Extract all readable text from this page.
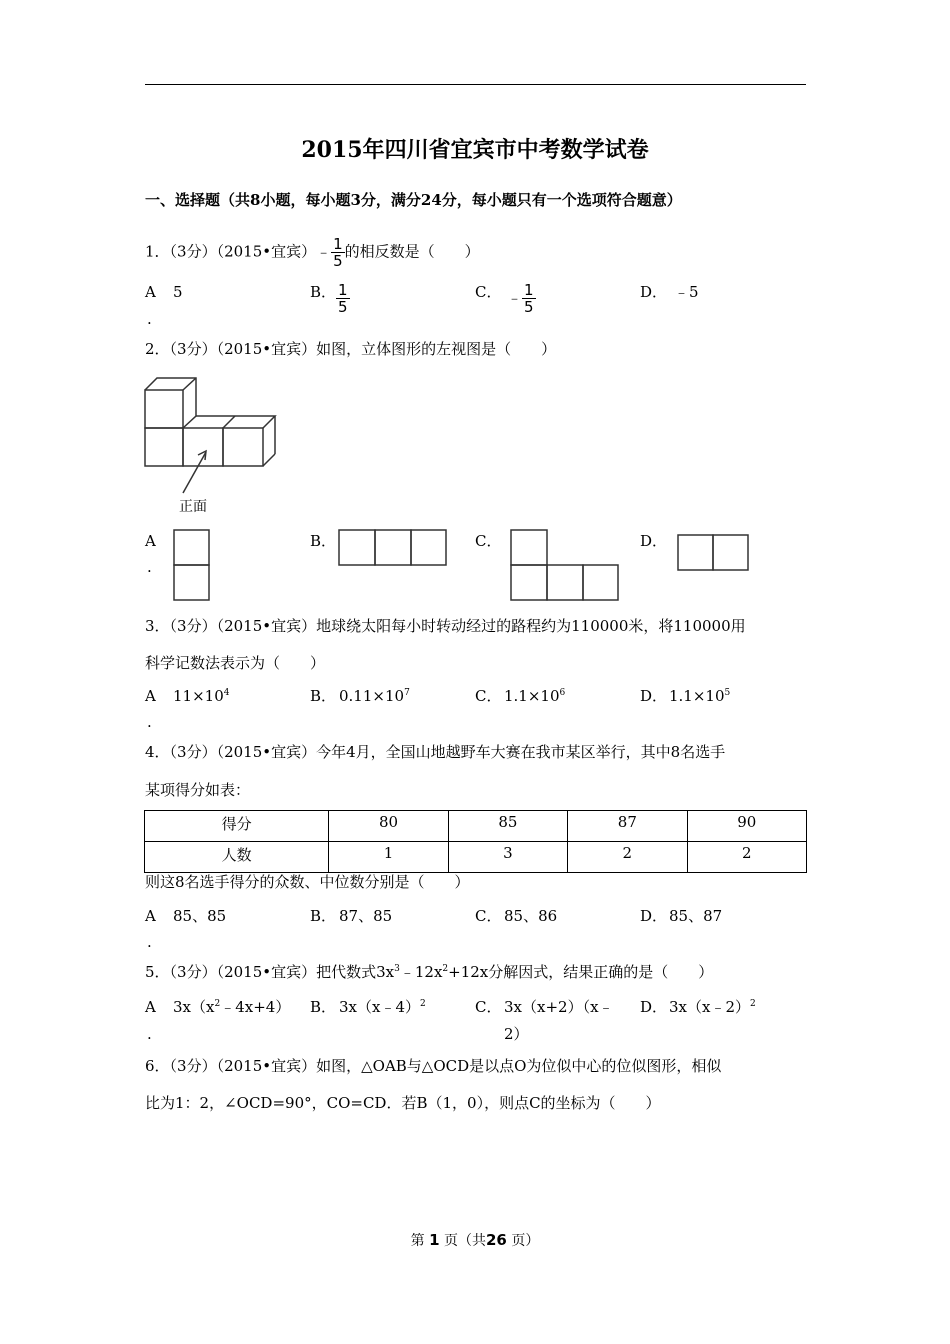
2015年四川省宜宾市中考数学试卷
一、选择题（共8小题，每小题3分，满分24分，每小题只有一个选项符合题意）
1．（3分）（2015•宜宾）﹣ $\frac{1}{5}$ 的相反数是（　　）
A
.
5	B． $\frac{1}{5}$	C． ﹣ $\frac{1}{5}$	D． ﹣5
2．（3分）（2015•宜宾）如图，立体图形的左视图是（　　）
正面
A
.
B．	C．	D．
3．（3分）（2015•宜宾）地球绕太阳每小时转动经过的路程约为110000米，将110000用
科学记数法表示为（　　）
A
.
$11\times 10^4$	B． $0.11\times 10^7$	C． $1.1\times 10^6$	D． $1.1\times 10^5$
4．（3分）（2015•宜宾）今年4月，全国山地越野车大赛在我市某区举行，其中8名选手
某项得分如表：
得分	80	85	87	90
人数	1	3	2	2
则这8名选手得分的众数、中位数分别是（　　）
A
.
85、85	B． 87、85	C． 85、86	D． 85、87
5．（3分）（2015•宜宾）把代数式$3x^3﹣12x^2+12x$分解因式，结果正确的是（　　）
A
.
$3x(x^2﹣4x+4)$ B． 3x（x﹣4）$^2$	C． 3x（x+2）（x﹣
2）
D． 3x（x﹣2）$^2$
6．（3分）（2015•宜宾）如图，△OAB与△OCD是以点O为位似中心的位似图形，相似
比为1：2，∠OCD=90°，CO=CD．若B（1，0），则点C的坐标为（　　）
第 1 页（共26 页）
